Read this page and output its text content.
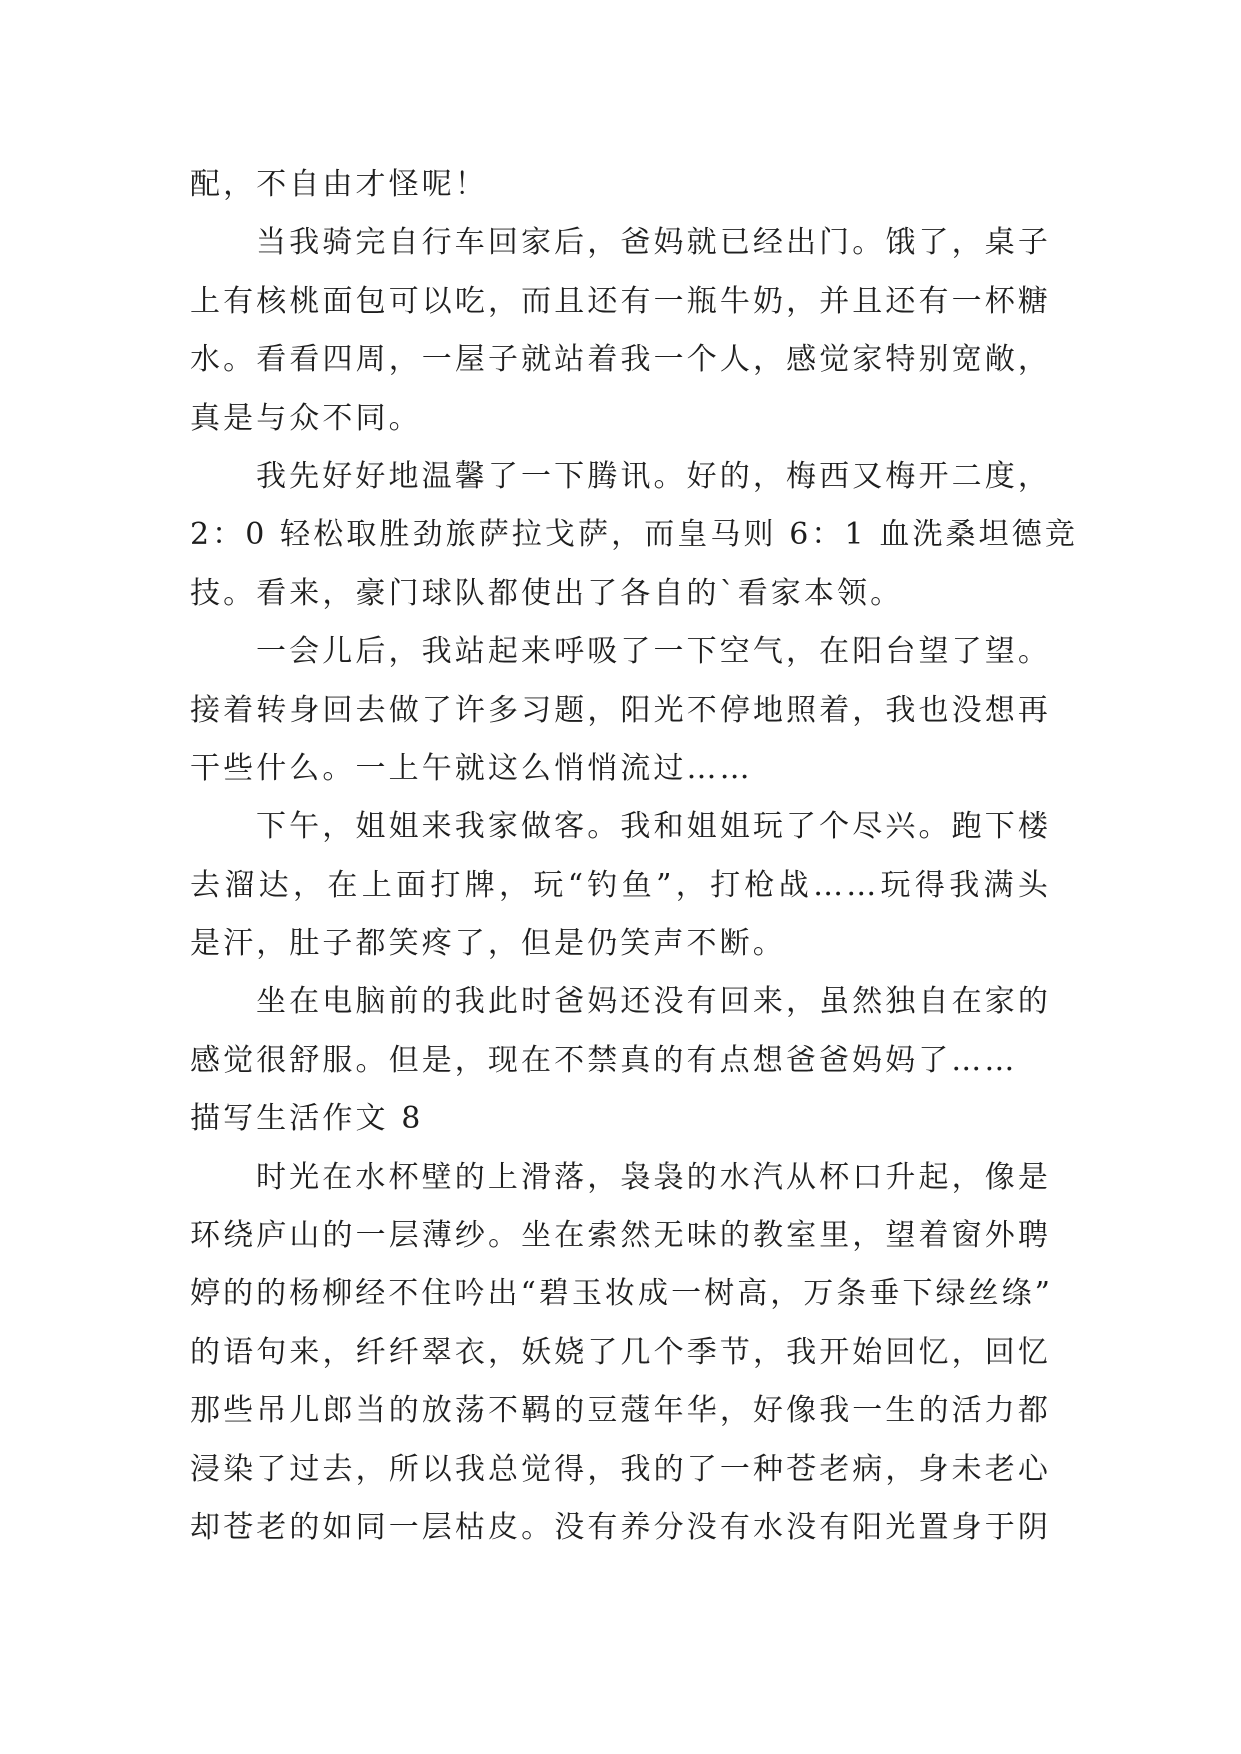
配，不自由才怪呢！
当我骑完自行车回家后，爸妈就已经出门。饿了，桌子
上有核桃面包可以吃，而且还有一瓶牛奶，并且还有一杯糖
水。看看四周，一屋子就站着我一个人，感觉家特别宽敞，
真是与众不同。
我先好好地温馨了一下腾讯。好的，梅西又梅开二度，
2：0 轻松取胜劲旅萨拉戈萨，而皇马则 6：1 血洗桑坦德竞
技。看来，豪门球队都使出了各自的`看家本领。
一会儿后，我站起来呼吸了一下空气，在阳台望了望。
接着转身回去做了许多习题，阳光不停地照着，我也没想再
干些什么。一上午就这么悄悄流过……
下午，姐姐来我家做客。我和姐姐玩了个尽兴。跑下楼
去溜达，在上面打牌，玩“钓鱼”，打枪战……玩得我满头
是汗，肚子都笑疼了，但是仍笑声不断。
坐在电脑前的我此时爸妈还没有回来，虽然独自在家的
感觉很舒服。但是，现在不禁真的有点想爸爸妈妈了……
描写生活作文 8
时光在水杯壁的上滑落，袅袅的水汽从杯口升起，像是
环绕庐山的一层薄纱。坐在索然无味的教室里，望着窗外聘
婷的的杨柳经不住吟出“碧玉妆成一树高，万条垂下绿丝绦”
的语句来，纤纤翠衣，妖娆了几个季节，我开始回忆，回忆
那些吊儿郎当的放荡不羁的豆蔻年华，好像我一生的活力都
浸染了过去，所以我总觉得，我的了一种苍老病，身未老心
却苍老的如同一层枯皮。没有养分没有水没有阳光置身于阴
